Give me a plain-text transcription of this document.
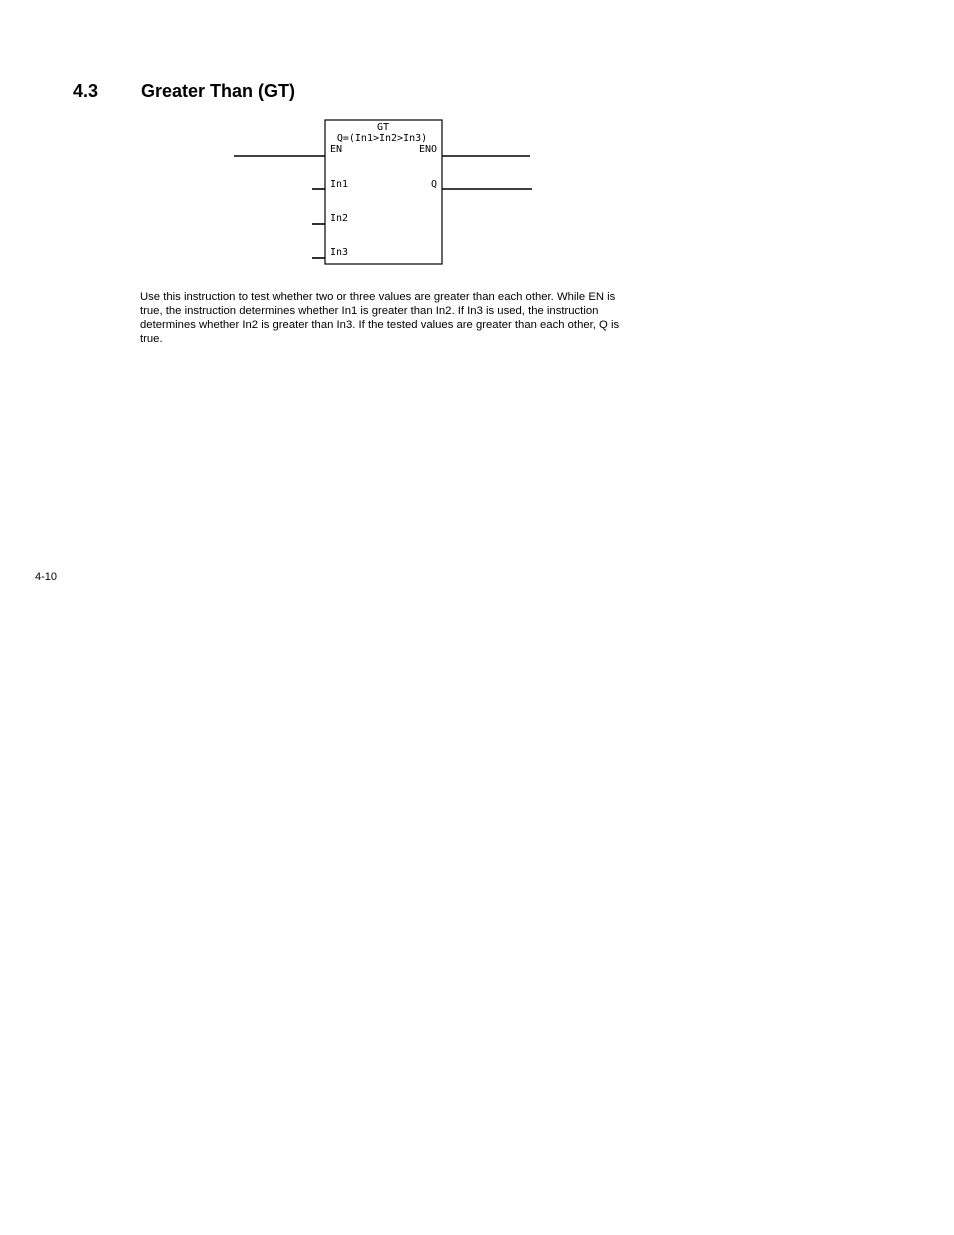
4.3 Greater Than (GT)
GT
Q=(In1>In2>In3)
EN
In1
In2
In3
ENO
Q

Use this instruction to test whether two or three values are greater than each other. While EN is true, the instruction determines whether In1 is greater than In2. If In3 is used, the instruction determines whether In2 is greater than In3. If the tested values are greater than each other, Q is true.

4-10
